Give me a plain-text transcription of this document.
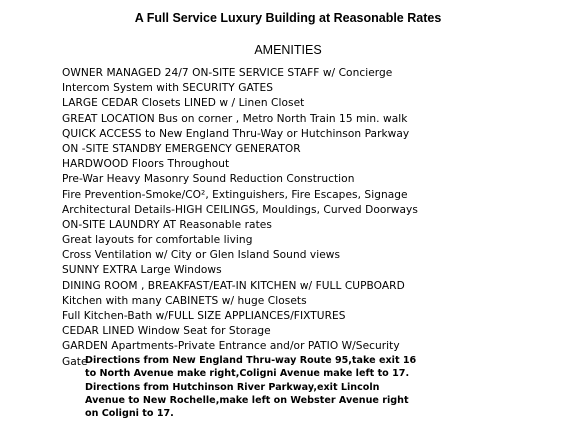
A Full Service Luxury Building at Reasonable Rates
AMENITIES
OWNER MANAGED 24/7 ON-SITE SERVICE STAFF w/ Concierge
Intercom System with SECURITY GATES
LARGE CEDAR Closets LINED w / Linen Closet
GREAT LOCATION Bus on corner , Metro North Train 15 min. walk
QUICK ACCESS to New England Thru-Way or Hutchinson Parkway
ON -SITE STANDBY EMERGENCY GENERATOR
HARDWOOD Floors Throughout
Pre-War Heavy Masonry Sound Reduction Construction
Fire Prevention-Smoke/CO², Extinguishers, Fire Escapes, Signage
Architectural Details-HIGH CEILINGS, Mouldings, Curved Doorways
ON-SITE LAUNDRY AT Reasonable rates
Great layouts for comfortable living
Cross Ventilation w/ City or Glen Island Sound views
SUNNY EXTRA Large Windows
DINING ROOM , BREAKFAST/EAT-IN KITCHEN w/ FULL CUPBOARD
Kitchen with many CABINETS w/ huge Closets
Full Kitchen-Bath w/FULL SIZE APPLIANCES/FIXTURES
CEDAR LINED Window Seat for Storage
GARDEN Apartments-Private Entrance and/or PATIO W/Security
Gate
Directions from New England Thru-way Route 95,take exit 16
to North Avenue make right,Coligni Avenue make left to 17.
Directions from Hutchinson River Parkway,exit Lincoln
Avenue to New Rochelle,make left on Webster Avenue right
on Coligni to 17.
